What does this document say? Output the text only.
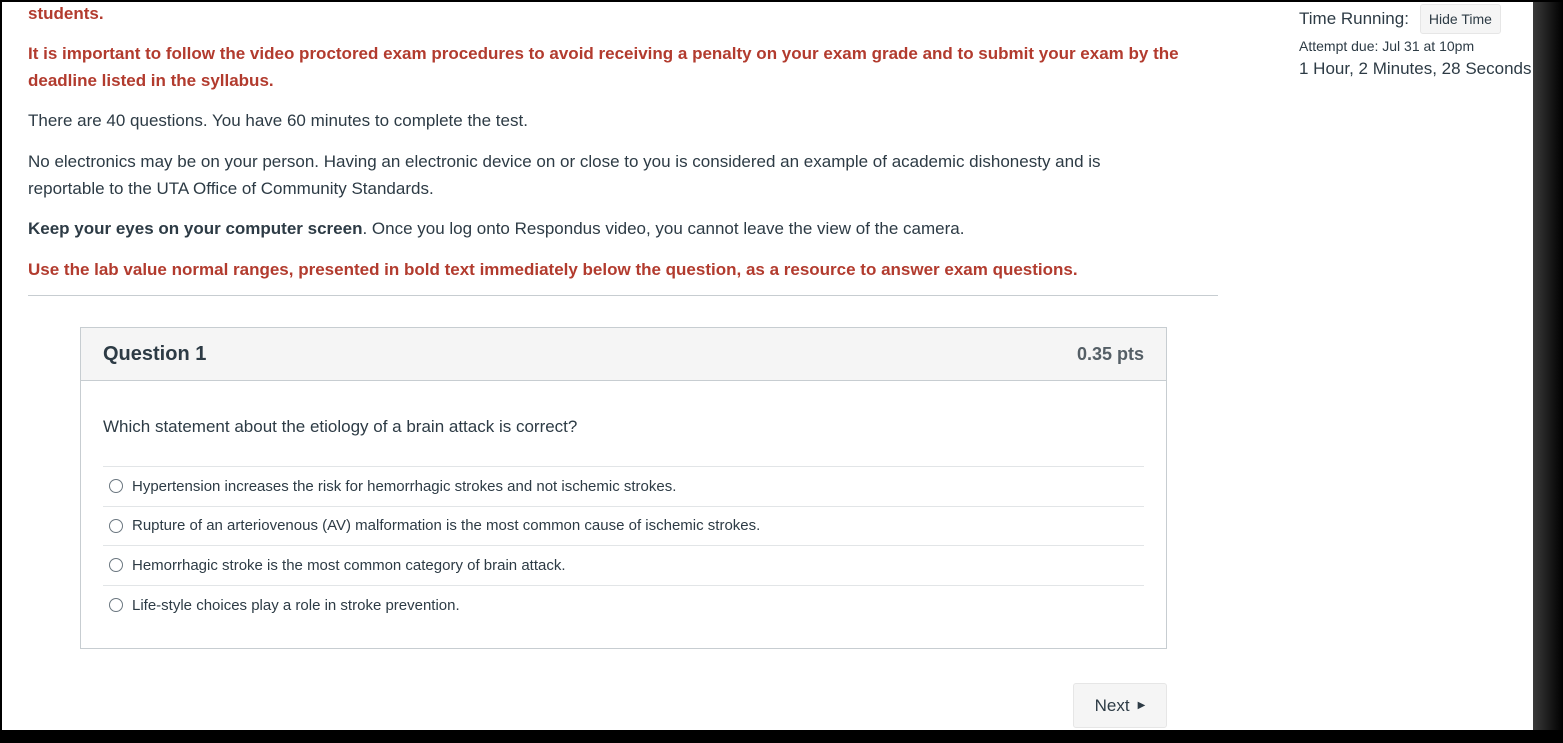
students.

It is important to follow the video proctored exam procedures to avoid receiving a penalty on your exam grade and to submit your exam by the deadline listed in the syllabus.

There are 40 questions. You have 60 minutes to complete the test.

No electronics may be on your person. Having an electronic device on or close to you is considered an example of academic dishonesty and is reportable to the UTA Office of Community Standards.

Keep your eyes on your computer screen. Once you log onto Respondus video, you cannot leave the view of the camera.

Use the lab value normal ranges, presented in bold text immediately below the question, as a resource to answer exam questions.

Time Running:	Hide Time
Attempt due: Jul 31 at 10pm
1 Hour, 2 Minutes, 28 Seconds
Question 1	0.35 pts
Which statement about the etiology of a brain attack is correct?
Hypertension increases the risk for hemorrhagic strokes and not ischemic strokes.
Rupture of an arteriovenous (AV) malformation is the most common cause of ischemic strokes.
Hemorrhagic stroke is the most common category of brain attack.
Life-style choices play a role in stroke prevention.
Next ▶
